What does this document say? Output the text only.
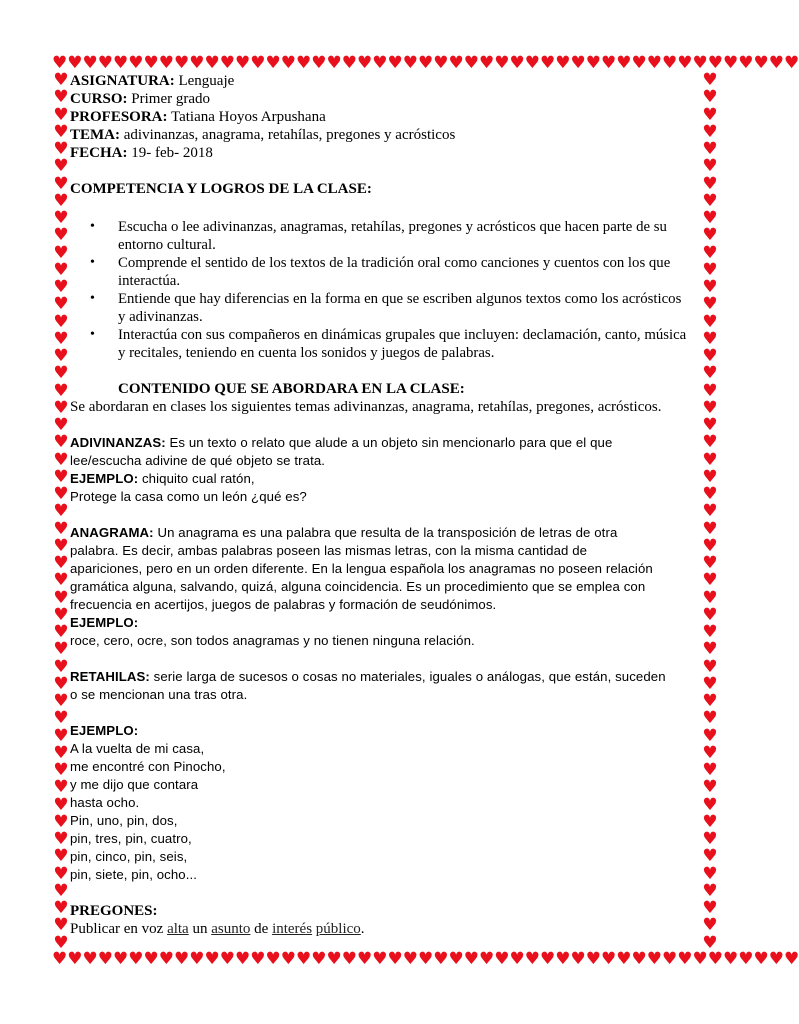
♥ ♥ ♥ ♥ ♥ ♥ ♥ ♥ ♥ ♥ ♥ ♥ ♥ ♥ ♥ ♥ ♥ ♥ ♥ ♥ ♥ ♥ ♥ ♥ ♥ ♥ ♥ ♥ ♥ ♥ ♥ ♥ ♥ ♥ ♥ ♥ ♥ ♥ ♥ ♥ ♥ ♥ ♥ ♥ ♥ ♥ ♥ ♥ ♥
♥ ♥ ♥ ♥ ♥ ♥ ♥ ♥ ♥ ♥ ♥ ♥ ♥ ♥ ♥ ♥ ♥ ♥ ♥ ♥ ♥ ♥ ♥ ♥ ♥ ♥ ♥ ♥ ♥ ♥ ♥ ♥ ♥ ♥ ♥ ♥ ♥ ♥ ♥ ♥ ♥ ♥ ♥ ♥ ♥ ♥ ♥ ♥ ♥
♥
♥
♥
♥
♥
♥
♥
♥
♥
♥
♥
♥
♥
♥
♥
♥
♥
♥
♥
♥
♥
♥
♥
♥
♥
♥
♥
♥
♥
♥
♥
♥
♥
♥
♥
♥
♥
♥
♥
♥
♥
♥
♥
♥
♥
♥
♥
♥
♥
♥
♥
♥
♥
♥
♥
♥
♥
♥
♥
♥
♥
♥
♥
♥
♥
♥
♥
♥
♥
♥
♥
♥
♥
♥
♥
♥
♥
♥
♥
♥
♥
♥
♥
♥
♥
♥
♥
♥
♥
♥
♥
♥
♥
♥
♥
♥
♥
♥
♥
♥
♥
♥
ASIGNATURA: Lenguaje
CURSO: Primer grado
PROFESORA: Tatiana Hoyos Arpushana
TEMA: adivinanzas, anagrama, retahílas, pregones y acrósticos
FECHA: 19- feb- 2018
COMPETENCIA Y LOGROS DE LA CLASE:
• Escucha o lee adivinanzas, anagramas, retahílas, pregones y acrósticos que hacen parte de su
entorno cultural.
• Comprende el sentido de los textos de la tradición oral como canciones y cuentos con los que
interactúa.
• Entiende que hay diferencias en la forma en que se escriben algunos textos como los acrósticos
y adivinanzas.
• Interactúa con sus compañeros en dinámicas grupales que incluyen: declamación, canto, música
y recitales, teniendo en cuenta los sonidos y juegos de palabras.
CONTENIDO QUE SE ABORDARA EN LA CLASE:
Se abordaran en clases los siguientes temas adivinanzas, anagrama, retahílas, pregones, acrósticos.
ADIVINANZAS: Es un texto o relato que alude a un objeto sin mencionarlo para que el que
lee/escucha adivine de qué objeto se trata.
EJEMPLO: chiquito cual ratón,
Protege la casa como un león ¿qué es?
ANAGRAMA: Un anagrama es una palabra que resulta de la transposición de letras de otra
palabra. Es decir, ambas palabras poseen las mismas letras, con la misma cantidad de
apariciones, pero en un orden diferente. En la lengua española los anagramas no poseen relación
gramática alguna, salvando, quizá, alguna coincidencia. Es un procedimiento que se emplea con
frecuencia en acertijos, juegos de palabras y formación de seudónimos.
EJEMPLO:
roce, cero, ocre, son todos anagramas y no tienen ninguna relación.
RETAHILAS: serie larga de sucesos o cosas no materiales, iguales o análogas, que están, suceden
o se mencionan una tras otra.
EJEMPLO:
A la vuelta de mi casa,
me encontré con Pinocho,
y me dijo que contara
hasta ocho.
Pin, uno, pin, dos,
pin, tres, pin, cuatro,
pin, cinco, pin, seis,
pin, siete, pin, ocho...
PREGONES:
Publicar en voz alta un asunto de interés público.
